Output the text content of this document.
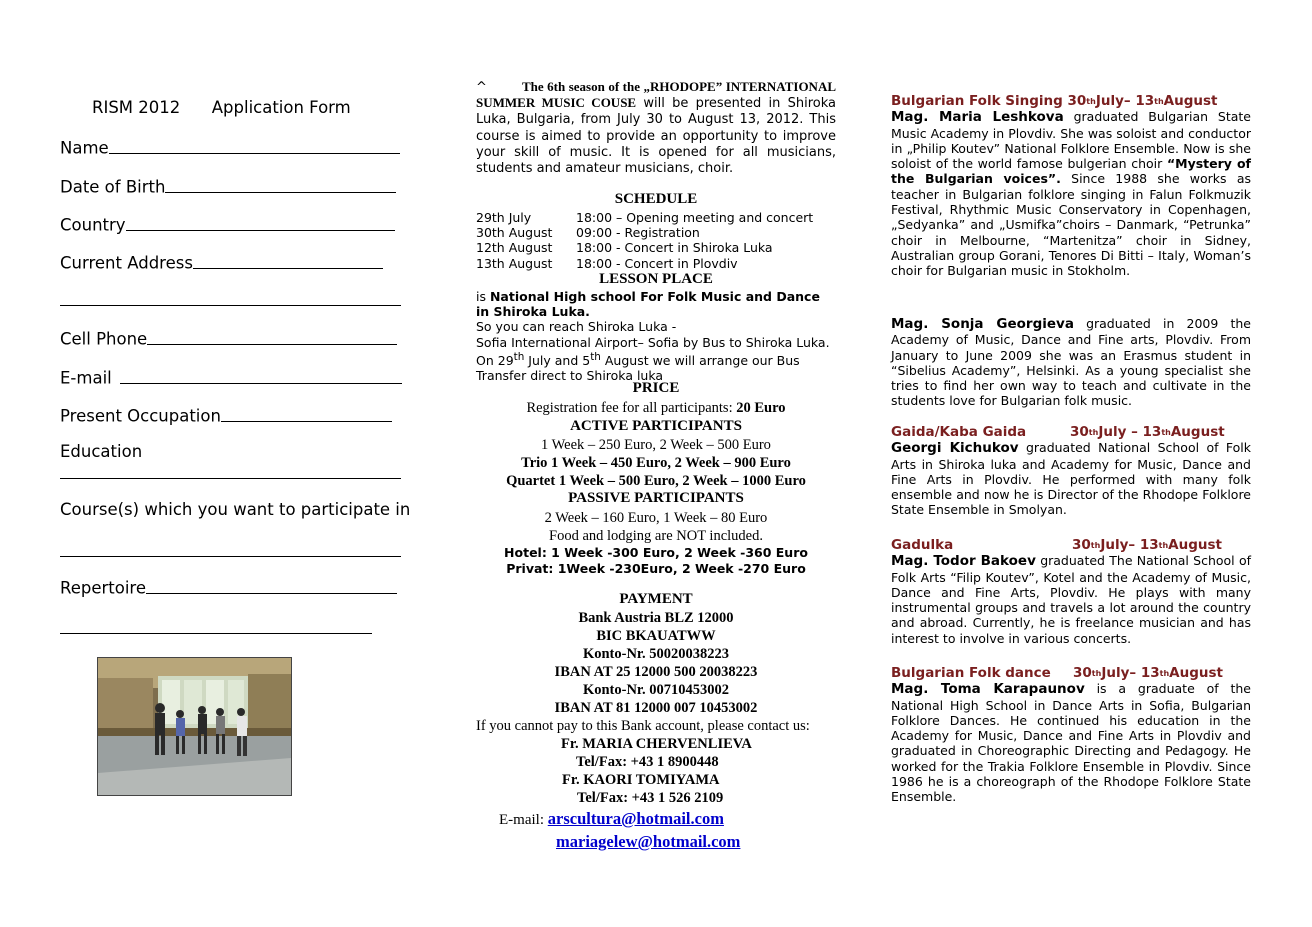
RISM 2012      Application Form
Name
Date of Birth
Country
Current Address
Cell Phone
E-mail
Present Occupation
Education
Course(s) which you want to participate in
Repertoire
^	The 6th season of the „RHODOPE” INTERNATIONAL SUMMER MUSIC COUSE will be presented in Shiroka Luka, Bulgaria, from July 30 to August 13, 2012. This course is aimed to provide an opportunity to improve your skill of music. It is opened for all musicians, students and amateur musicians, choir.
SCHEDULE
29th July	18:00 – Opening meeting and concert
30th August	09:00 - Registration
12th August	18:00 - Concert in Shiroka Luka
13th August	18:00 - Concert in Plovdiv
LESSON PLACE
is National High school For Folk Music and Dance in Shiroka Luka.
So you can reach Shiroka Luka -
Sofia International Airport– Sofia by Bus to Shiroka Luka. On 29th July and 5th August we will arrange our Bus Transfer direct to Shiroka luka
PRICE
Registration fee for all participants: 20 Euro
ACTIVE PARTICIPANTS
1 Week – 250 Euro, 2 Week – 500 Euro
Trio 1 Week – 450 Euro, 2 Week – 900 Euro
Quartet 1 Week – 500 Euro, 2 Week – 1000 Euro
PASSIVE PARTICIPANTS
2 Week – 160 Euro, 1 Week – 80 Euro
Food and lodging are NOT included.
Hotel: 1 Week -300 Euro, 2 Week -360 Euro
Privat: 1Week -230Euro, 2 Week -270 Euro
PAYMENT
Bank Austria BLZ 12000
BIC BKAUATWW
Konto-Nr. 50020038223
IBAN AT 25 12000 500 20038223
Konto-Nr. 00710453002
IBAN AT 81 12000 007 10453002
If you cannot pay to this Bank account, please contact us:
Fr. MARIA CHERVENLIEVA
Tel/Fax: +43 1 8900448
Fr. KAORI TOMIYAMA
Tel/Fax: +43 1 526 2109
E-mail: arscultura@hotmail.com
mariagelew@hotmail.com
Bulgarian Folk Singing 30 th July– 13 th August
Mag. Maria Leshkova graduated Bulgarian State Music Academy in Plovdiv. She was soloist and conductor in „Philip Koutev” National Folklore Ensemble. Now is she soloist of the world famose bulgerian choir “Mystery of the Bulgarian voices”. Since 1988 she works as teacher in Bulgarian folklore singing in Falun Folkmuzik Festival, Rhythmic Music Conservatory in Copenhagen, „Sedyanka” and „Usmifka”choirs – Danmark, “Petrunka” choir in Melbourne, “Martenitza” choir in Sidney, Australian group Gorani, Tenores Di Bitti – Italy, Woman’s choir for Bulgarian music in Stokholm.
Mag. Sonja Georgieva graduated in 2009 the Academy of Music, Dance and Fine arts, Plovdiv. From January to June 2009 she was an Erasmus student in “Sibelius Academy”, Helsinki. As a young specialist she tries to find her own way to teach and cultivate in the students love for Bulgarian folk music.
Gaida/Kaba Gaida	30 th July – 13 th August
Georgi Kichukov graduated National School of Folk Arts in Shiroka luka and Academy for Music, Dance and Fine Arts in Plovdiv. He performed with many folk ensemble and now he is Director of the Rhodope Folklore State Ensemble in Smolyan.
Gadulka	30 th July– 13 th August
Mag. Todor Bakoev graduated The National School of Folk Arts “Filip Koutev”, Kotel and the Academy of Music, Dance and Fine Arts, Plovdiv. He plays with many instrumental groups and travels a lot around the country and abroad. Currently, he is freelance musician and has interest to involve in various concerts.
Bulgarian Folk dance	30 th July– 13 th August
Mag. Toma Karapaunov is a graduate of the National High School in Dance Arts in Sofia, Bulgarian Folklore Dances. He continued his education in the Academy for Music, Dance and Fine Arts in Plovdiv and graduated in Choreographic Directing and Pedagogy. He worked for the Trakia Folklore Ensemble in Plovdiv. Since 1986 he is a choreograph of the Rhodope Folklore State Ensemble.
